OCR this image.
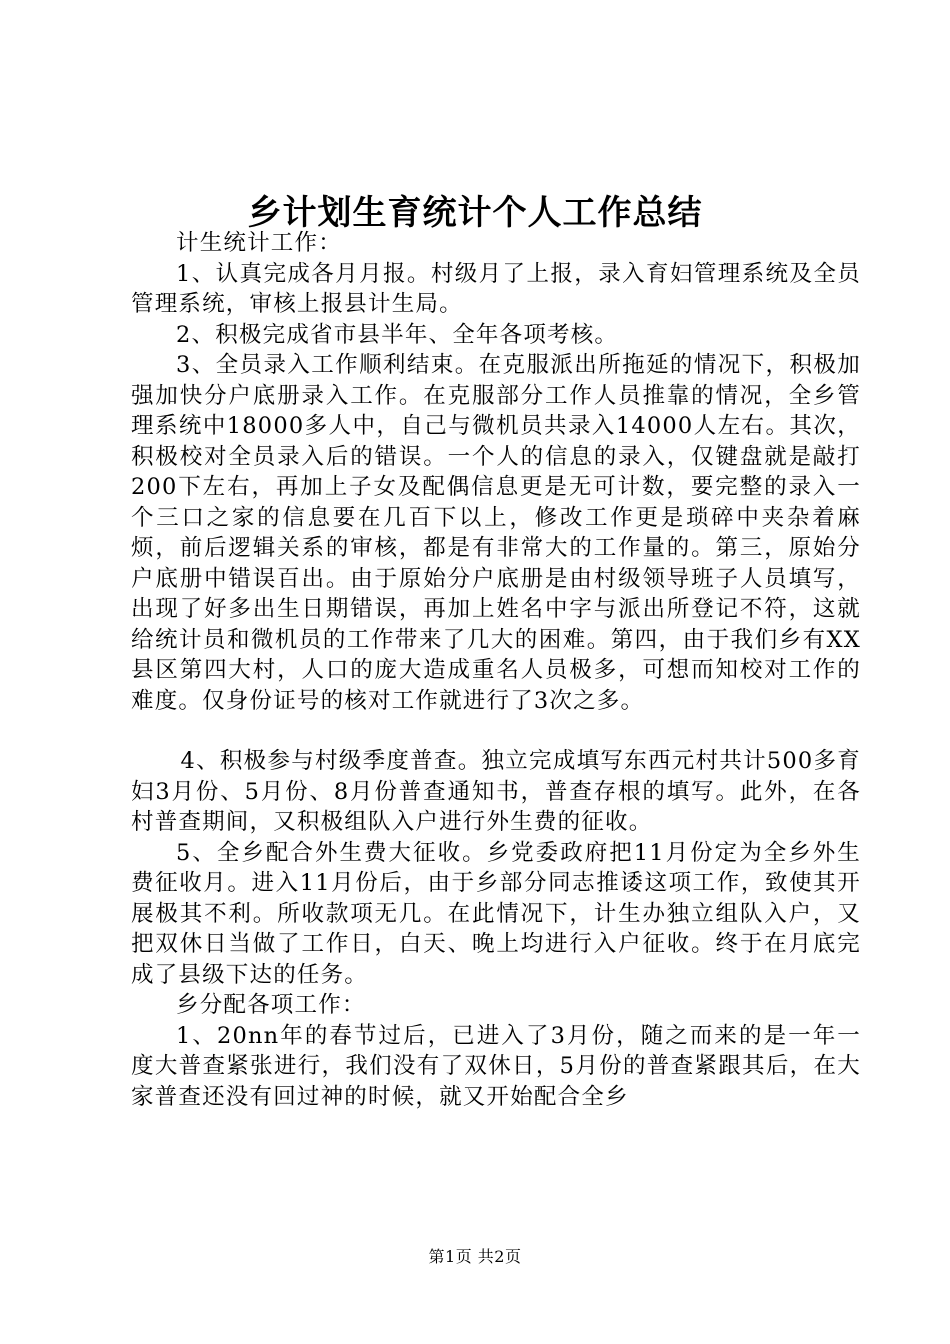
乡计划生育统计个人工作总结

计生统计工作：

1、认真完成各月月报。村级月了上报，录入育妇管理系统及全员管理系统，审核上报县计生局。

2、积极完成省市县半年、全年各项考核。

3、全员录入工作顺利结束。在克服派出所拖延的情况下，积极加强加快分户底册录入工作。在克服部分工作人员推靠的情况，全乡管理系统中18000多人中，自己与微机员共录入14000人左右。其次，积极校对全员录入后的错误。一个人的信息的录入，仅键盘就是敲打200下左右，再加上子女及配偶信息更是无可计数，要完整的录入一个三口之家的信息要在几百下以上，修改工作更是琐碎中夹杂着麻烦，前后逻辑关系的审核，都是有非常大的工作量的。第三，原始分户底册中错误百出。由于原始分户底册是由村级领导班子人员填写，出现了好多出生日期错误，再加上姓名中字与派出所登记不符，这就给统计员和微机员的工作带来了几大的困难。第四，由于我们乡有XX县区第四大村，人口的庞大造成重名人员极多，可想而知校对工作的难度。仅身份证号的核对工作就进行了3次之多。

4、积极参与村级季度普查。独立完成填写东西元村共计500多育妇3月份、5月份、8月份普查通知书，普查存根的填写。此外，在各村普查期间，又积极组队入户进行外生费的征收。

5、全乡配合外生费大征收。乡党委政府把11月份定为全乡外生费征收月。进入11月份后，由于乡部分同志推诿这项工作，致使其开展极其不利。所收款项无几。在此情况下，计生办独立组队入户，又把双休日当做了工作日，白天、晚上均进行入户征收。终于在月底完成了县级下达的任务。

乡分配各项工作：

1、20nn年的春节过后，已进入了3月份，随之而来的是一年一度大普查紧张进行，我们没有了双休日，5月份的普查紧跟其后，在大家普查还没有回过神的时候，就又开始配合全乡

第1页 共2页
